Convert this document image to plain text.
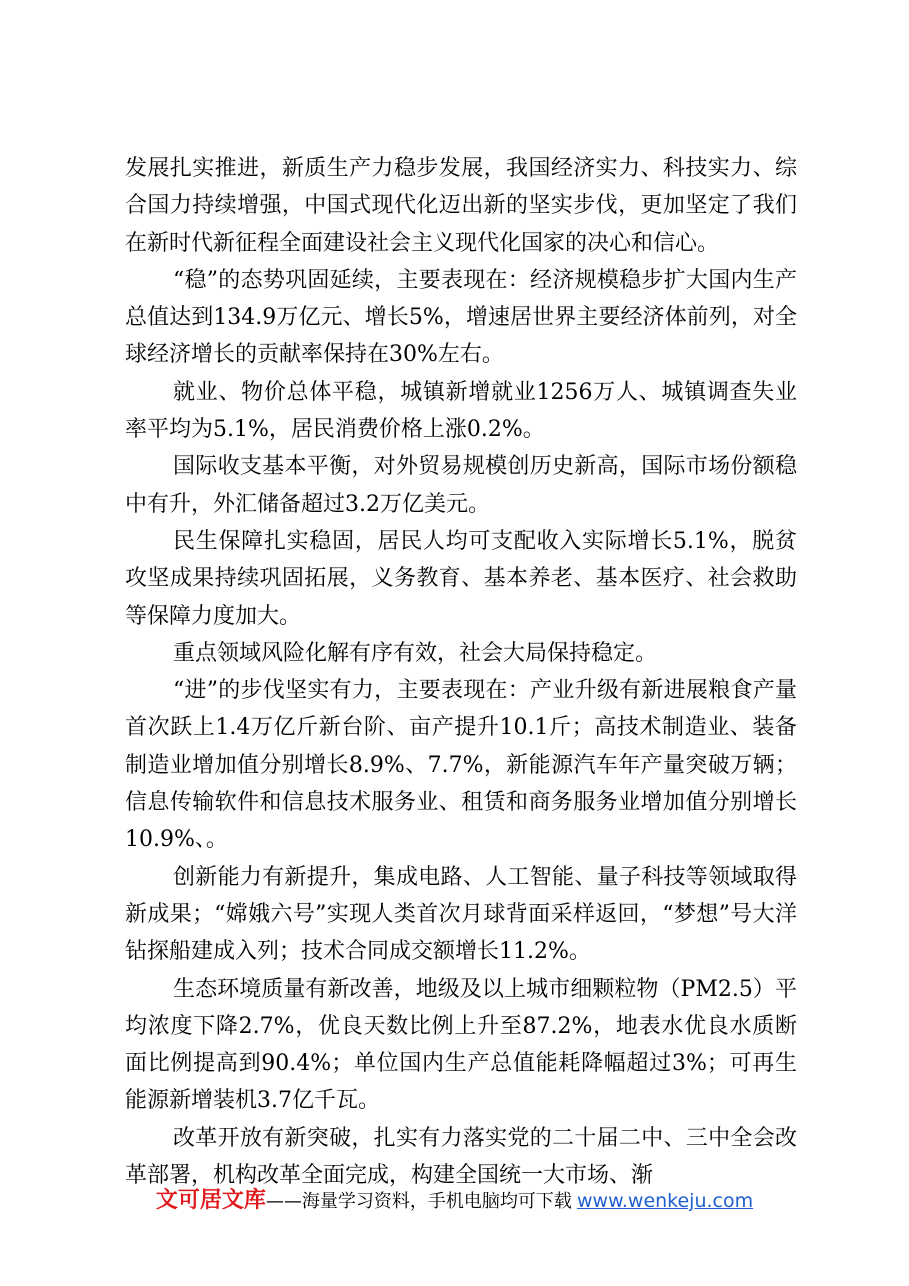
发展扎实推进，新质生产力稳步发展，我国经济实力、科技实力、综合国力持续增强，中国式现代化迈出新的坚实步伐，更加坚定了我们在新时代新征程全面建设社会主义现代化国家的决心和信心。

“稳”的态势巩固延续，主要表现在：经济规模稳步扩大国内生产总值达到134.9万亿元、增长5%，增速居世界主要经济体前列，对全球经济增长的贡献率保持在30%左右。

就业、物价总体平稳，城镇新增就业1256万人、城镇调查失业率平均为5.1%，居民消费价格上涨0.2%。

国际收支基本平衡，对外贸易规模创历史新高，国际市场份额稳中有升，外汇储备超过3.2万亿美元。

民生保障扎实稳固，居民人均可支配收入实际增长5.1%，脱贫攻坚成果持续巩固拓展，义务教育、基本养老、基本医疗、社会救助等保障力度加大。

重点领域风险化解有序有效，社会大局保持稳定。

“进”的步伐坚实有力，主要表现在：产业升级有新进展粮食产量首次跃上1.4万亿斤新台阶、亩产提升10.1斤；高技术制造业、装备制造业增加值分别增长8.9%、7.7%，新能源汽车年产量突破万辆；信息传输软件和信息技术服务业、租赁和商务服务业增加值分别增长10.9%、。

创新能力有新提升，集成电路、人工智能、量子科技等领域取得新成果；“嫦娥六号”实现人类首次月球背面采样返回，“梦想”号大洋钻探船建成入列；技术合同成交额增长11.2%。

生态环境质量有新改善，地级及以上城市细颗粒物（PM2.5）平均浓度下降2.7%，优良天数比例上升至87.2%，地表水优良水质断面比例提高到90.4%；单位国内生产总值能耗降幅超过3%；可再生能源新增装机3.7亿千瓦。

改革开放有新突破，扎实有力落实党的二十届二中、三中全会改革部署，机构改革全面完成，构建全国统一大市场、渐

文可居文库——海量学习资料，手机电脑均可下载 www.wenkeju.com
